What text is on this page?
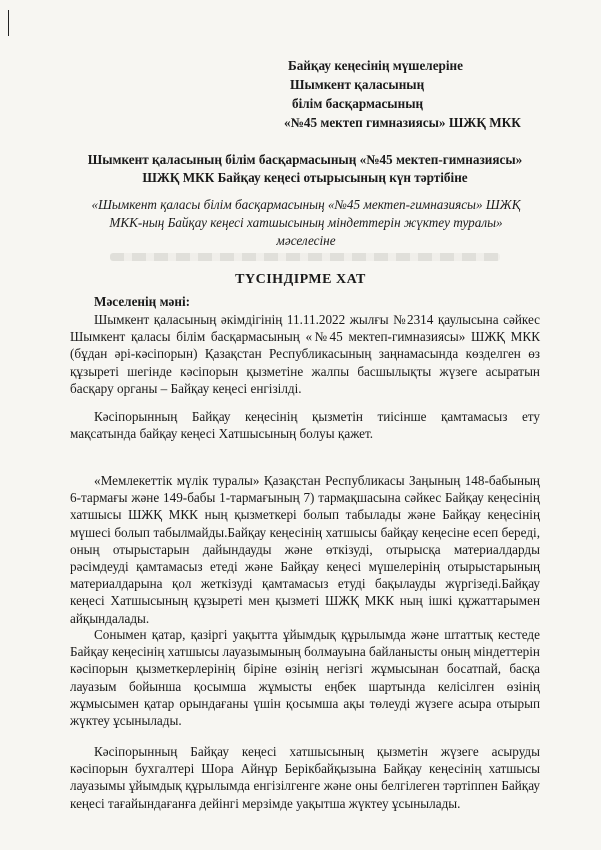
Байқау кеңесінің мүшелеріне
Шымкент қаласының
білім басқармасының
«№45 мектеп гимназиясы» ШЖҚ МКК
Шымкент қаласының білім басқармасының «№45 мектеп-гимназиясы»
ШЖҚ МКК Байқау кеңесі отырысының күн тәртібіне
«Шымкент қаласы білім басқармасының «№45 мектеп-гимназиясы» ШЖҚ
МКК-ның Байқау кеңесі хатшысының міндеттерін жүктеу туралы»
мәселесіне
ТҮСІНДІРМЕ ХАТ
Мәселенің мәні:
Шымкент қаласының әкімдігінің 11.11.2022 жылғы №2314 қаулысына сәйкес Шымкент қаласы білім басқармасының «№45 мектеп-гимназиясы» ШЖҚ МКК (бұдан әрі-кәсіпорын) Қазақстан Республикасының заңнамасында көзделген өз құзыреті шегінде кәсіпорын қызметіне жалпы басшылықты жүзеге асыратын басқару органы – Байқау кеңесі енгізілді.
Кәсіпорынның Байқау кеңесінің қызметін тиісінше қамтамасыз ету мақсатында байқау кеңесі Хатшысының болуы қажет.
«Мемлекеттік мүлік туралы» Қазақстан Республикасы Заңының 148-бабының 6-тармағы және 149-бабы 1-тармағының 7) тармақшасына сәйкес Байқау кеңесінің хатшысы ШЖҚ МКК ның қызметкері болып табылады және Байқау кеңесінің мүшесі болып табылмайды.Байқау кеңесінің хатшысы байқау кеңесіне есеп береді, оның отырыстарын дайындауды және өткізуді, отырысқа материалдарды рәсімдеуді қамтамасыз етеді және Байқау кеңесі мүшелерінің отырыстарының материалдарына қол жеткізуді қамтамасыз етуді бақылауды жүргізеді.Байқау кеңесі Хатшысының құзыреті мен қызметі ШЖҚ МКК ның ішкі құжаттарымен айқындалады.
Сонымен қатар, қазіргі уақытта ұйымдық құрылымда және штаттық кестеде Байқау кеңесінің хатшысы лауазымының болмауына байланысты оның міндеттерін кәсіпорын қызметкерлерінің біріне өзінің негізгі жұмысынан босатпай, басқа лауазым бойынша қосымша жұмысты еңбек шартында келісілген өзінің жұмысымен қатар орындағаны үшін қосымша ақы төлеуді жүзеге асыра отырып жүктеу ұсынылады.
Кәсіпорынның Байқау кеңесі хатшысының қызметін жүзеге асыруды кәсіпорын бухгалтері Шора Айнұр Берікбайқызына Байқау кеңесінің хатшысы лауазымы ұйымдық құрылымда енгізілгенге және оны белгілеген тәртіппен Байқау кеңесі тағайындағанға дейінгі мерзімде уақытша жүктеу ұсынылады.
